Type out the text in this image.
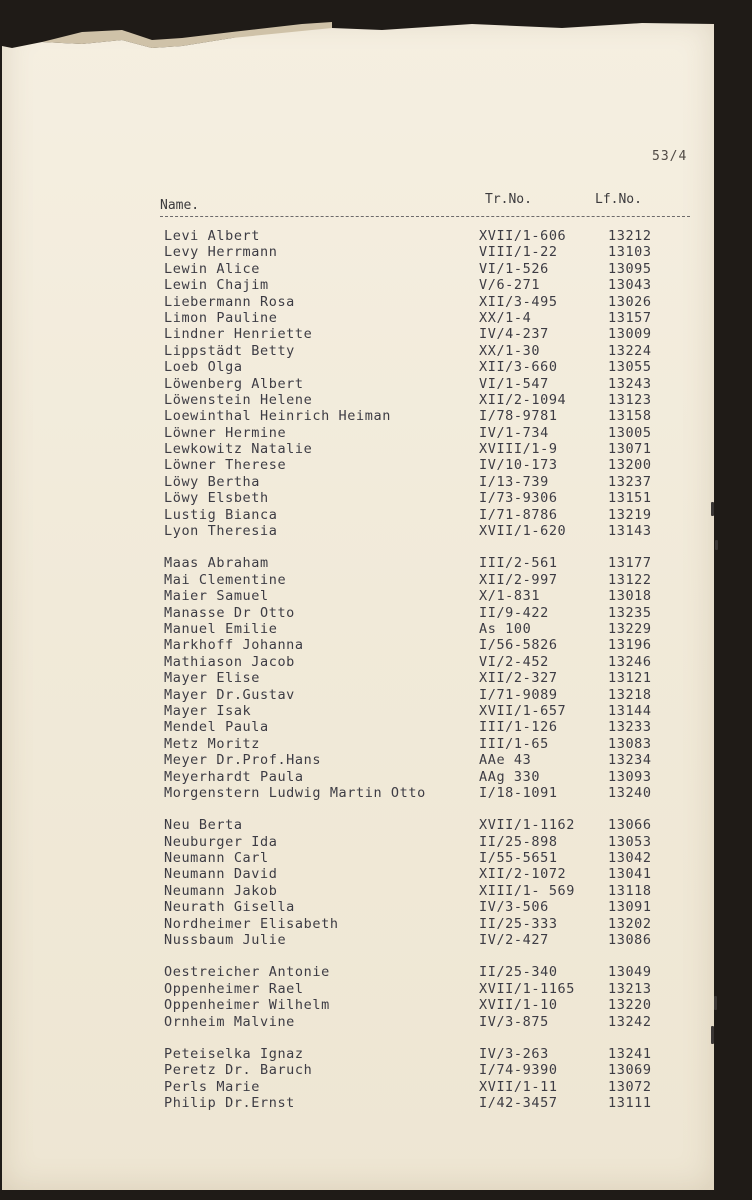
53/4
Name.	Tr.No.	Lf.No.
Levi Albert	XVII/1-606	13212
Levy Herrmann	VIII/1-22	13103
Lewin Alice	VI/1-526	13095
Lewin Chajim	V/6-271	13043
Liebermann Rosa	XII/3-495	13026
Limon Pauline	XX/1-4	13157
Lindner Henriette	IV/4-237	13009
Lippstädt Betty	XX/1-30	13224
Loeb Olga	XII/3-660	13055
Löwenberg Albert	VI/1-547	13243
Löwenstein Helene	XII/2-1094	13123
Loewinthal Heinrich Heiman	I/78-9781	13158
Löwner Hermine	IV/1-734	13005
Lewkowitz Natalie	XVIII/1-9	13071
Löwner Therese	IV/10-173	13200
Löwy Bertha	I/13-739	13237
Löwy Elsbeth	I/73-9306	13151
Lustig Bianca	I/71-8786	13219
Lyon Theresia	XVII/1-620	13143
Maas Abraham	III/2-561	13177
Mai Clementine	XII/2-997	13122
Maier Samuel	X/1-831	13018
Manasse Dr Otto	II/9-422	13235
Manuel Emilie	As 100	13229
Markhoff Johanna	I/56-5826	13196
Mathiason Jacob	VI/2-452	13246
Mayer Elise	XII/2-327	13121
Mayer Dr.Gustav	I/71-9089	13218
Mayer Isak	XVII/1-657	13144
Mendel Paula	III/1-126	13233
Metz Moritz	III/1-65	13083
Meyer Dr.Prof.Hans	AAe 43	13234
Meyerhardt Paula	AAg 330	13093
Morgenstern Ludwig Martin Otto	I/18-1091	13240
Neu Berta	XVII/1-1162 13066
Neuburger Ida	II/25-898	13053
Neumann Carl	I/55-5651	13042
Neumann David	XII/2-1072	13041
Neumann Jakob	XIII/1- 569 13118
Neurath Gisella	IV/3-506	13091
Nordheimer Elisabeth	II/25-333	13202
Nussbaum Julie	IV/2-427	13086
Oestreicher Antonie	II/25-340	13049
Oppenheimer Rael	XVII/1-1165 13213
Oppenheimer Wilhelm	XVII/1-10	13220
Ornheim Malvine	IV/3-875	13242
Peteiselka Ignaz	IV/3-263	13241
Peretz Dr. Baruch	I/74-9390	13069
Perls Marie	XVII/1-11	13072
Philip Dr.Ernst	I/42-3457	13111
